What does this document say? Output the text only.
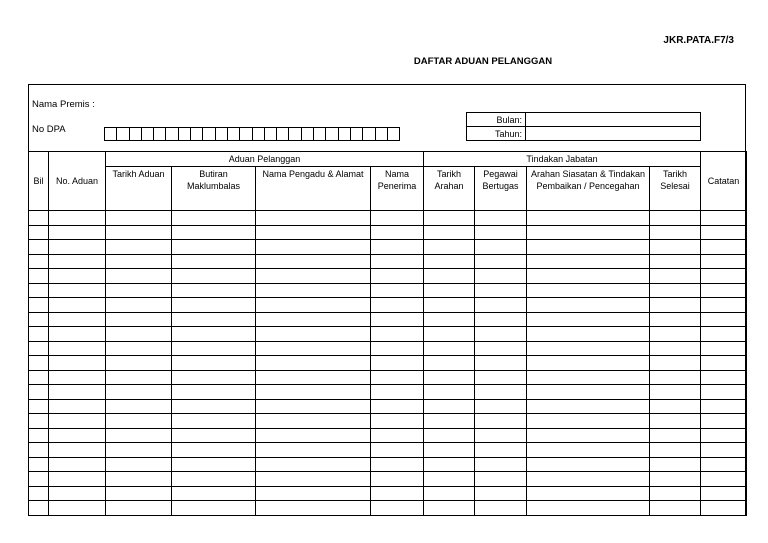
JKR.PATA.F7/3
DAFTAR ADUAN PELANGGAN
Nama Premis :
No DPA
Bulan:	
Tahun:	
Bil	No. Aduan	Aduan Pelanggan				Tindakan Jabatan				Catatan
		Tarikh Aduan	Butiran Maklumbalas	Nama Pengadu & Alamat	Nama Penerima	Tarikh Arahan	Pegawai Bertugas	Arahan Siasatan & Tindakan Pembaikan / Pencegahan	Tarikh Selesai	
